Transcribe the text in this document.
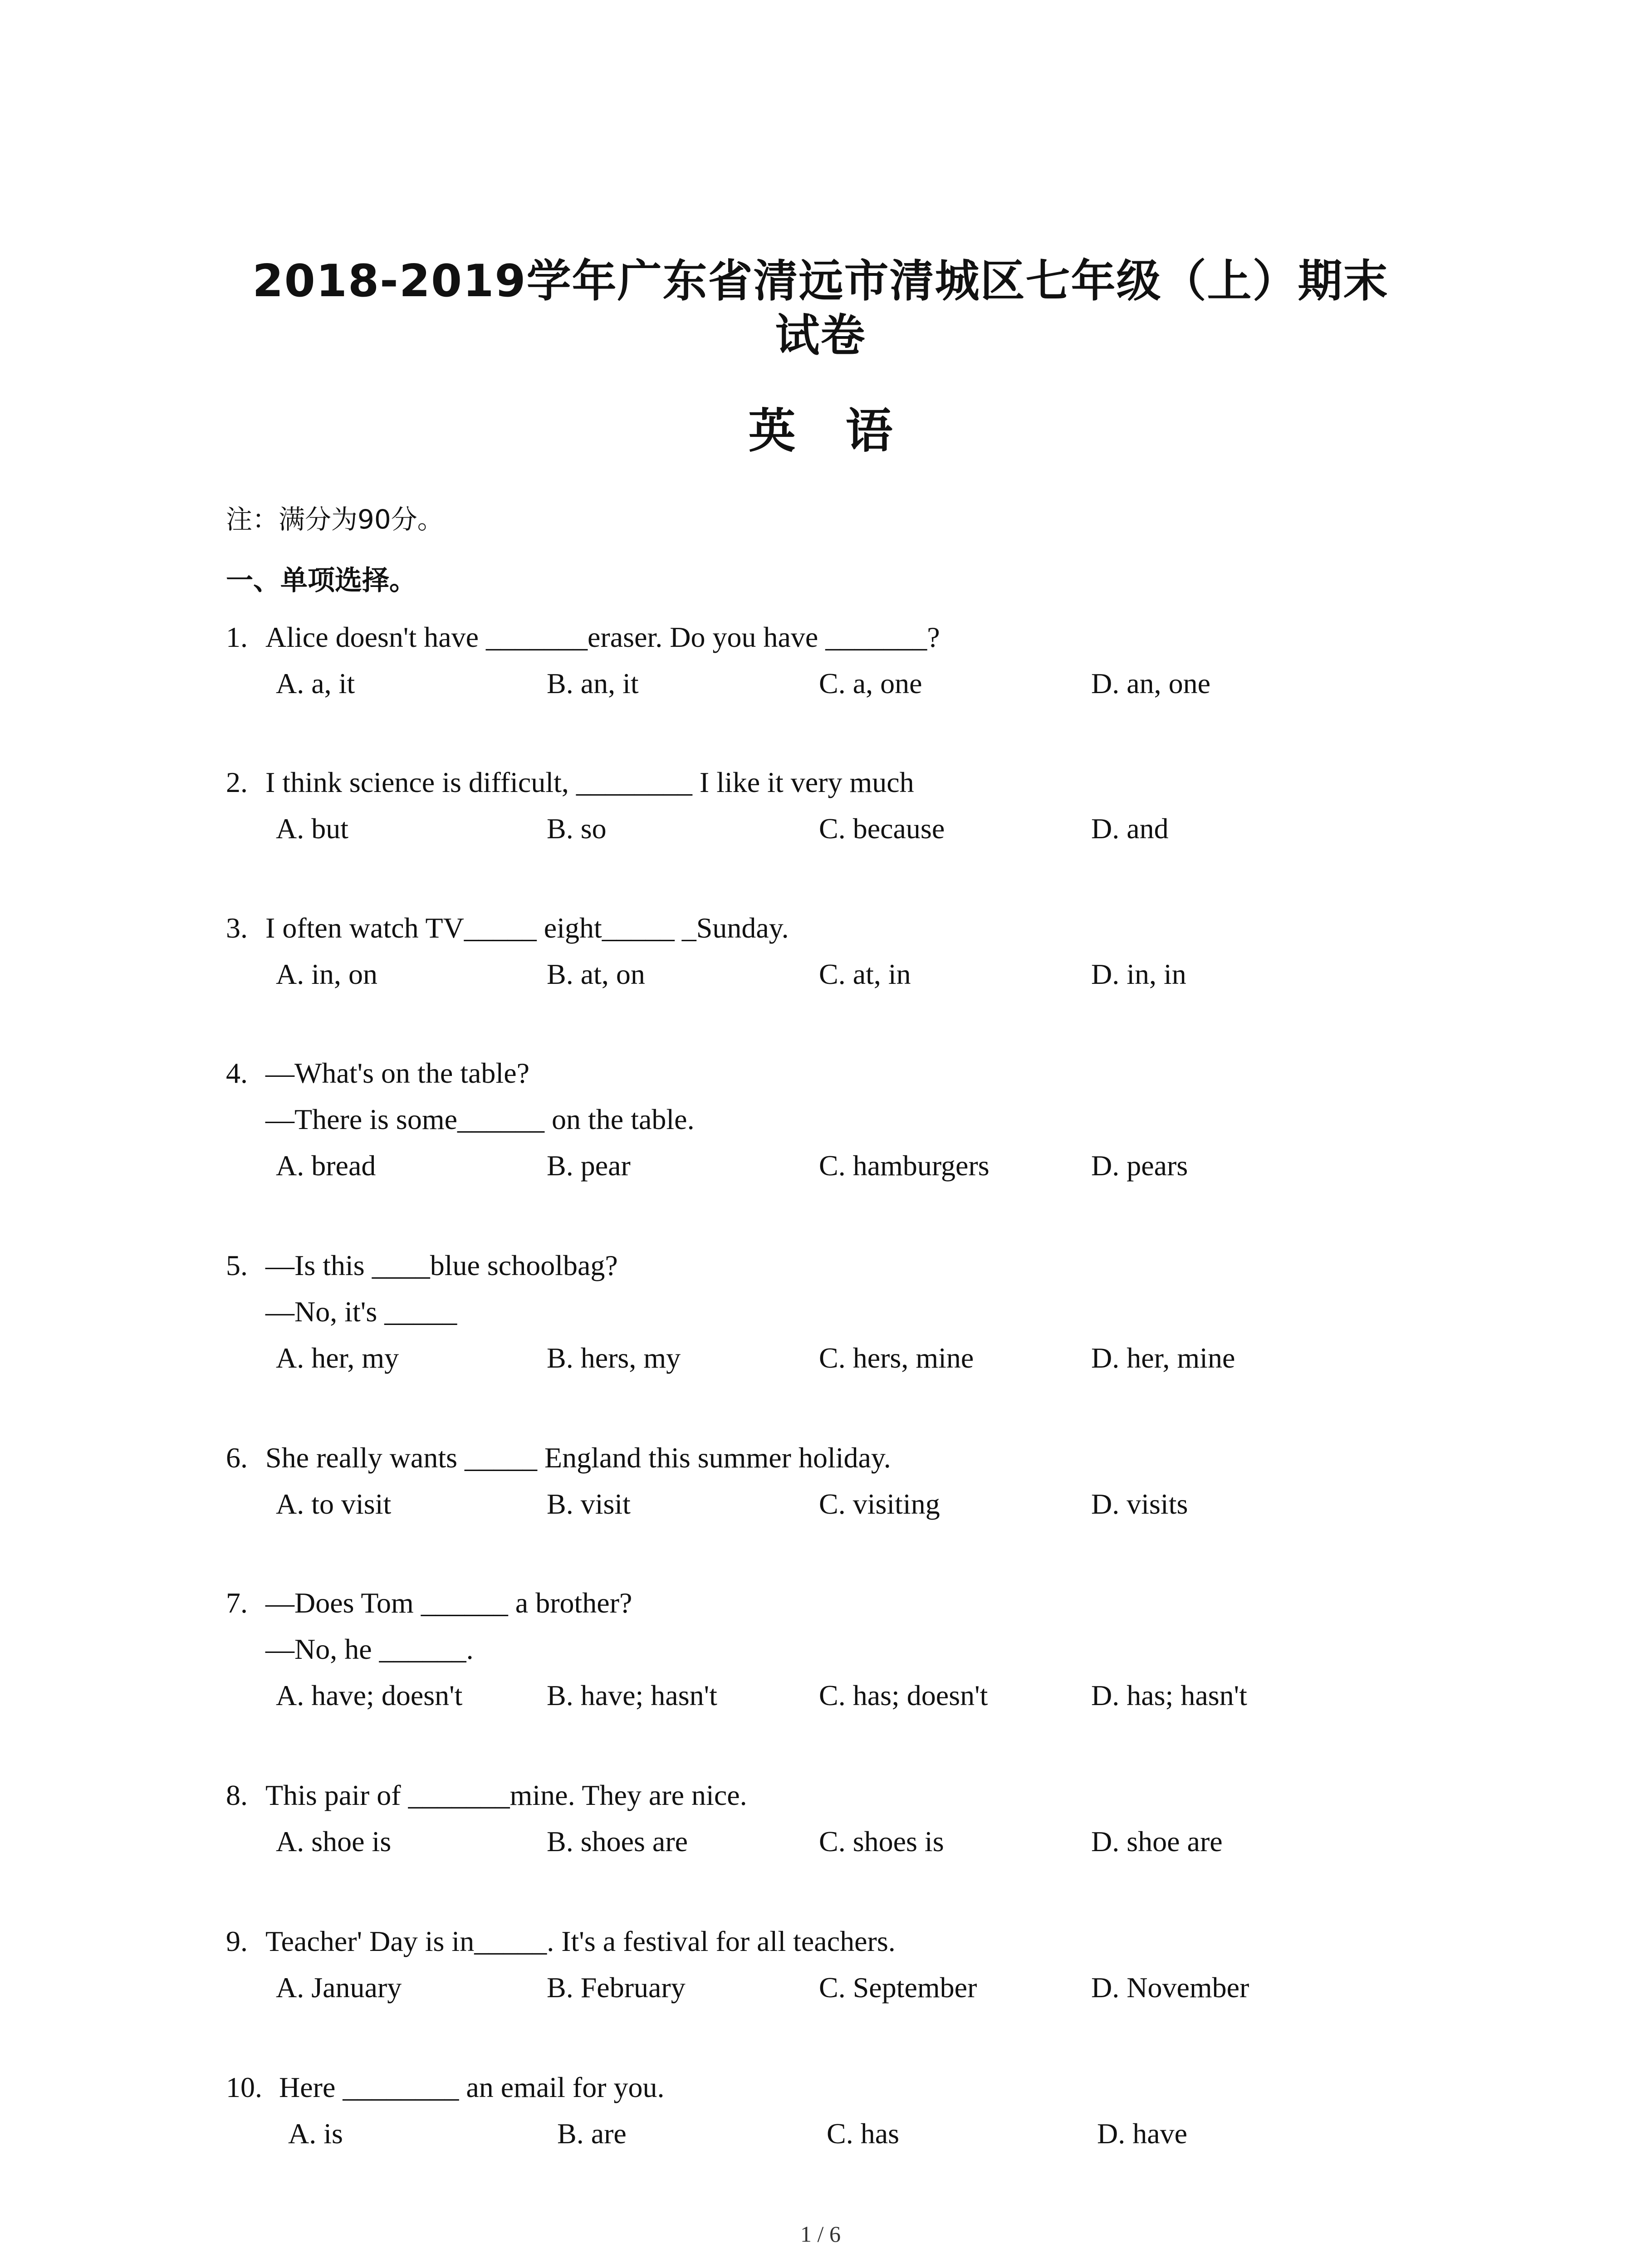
2018-2019学年广东省清远市清城区七年级（上）期末
试卷
英语
注：满分为90分。
一、单项选择。
1. Alice doesn't have _______eraser. Do you have _______?
A. a, it	B. an, it	C. a, one	D. an, one
2. I think science is difficult, ________ I like it very much
A. but	B. so	C. because	D. and
3. I often watch TV_____ eight_____ _Sunday.
A. in, on	B. at, on	C. at, in	D. in, in
4. —What's on the table?
—There is some______ on the table.
A. bread	B. pear	C. hamburgers	D. pears
5. —Is this ____blue schoolbag?
—No, it's _____
A. her, my	B. hers, my	C. hers, mine	D. her, mine
6. She really wants _____ England this summer holiday.
A. to visit	B. visit	C. visiting	D. visits
7. —Does Tom ______ a brother?
—No, he ______.
A. have; doesn't	B. have; hasn't	C. has; doesn't	D. has; hasn't
8. This pair of _______mine. They are nice.
A. shoe is	B. shoes are	C. shoes is	D. shoe are
9. Teacher' Day is in_____. It's a festival for all teachers.
A. January	B. February	C. September	D. November
10. Here ________ an email for you.
A. is	B. are	C. has	D. have
1 / 6
